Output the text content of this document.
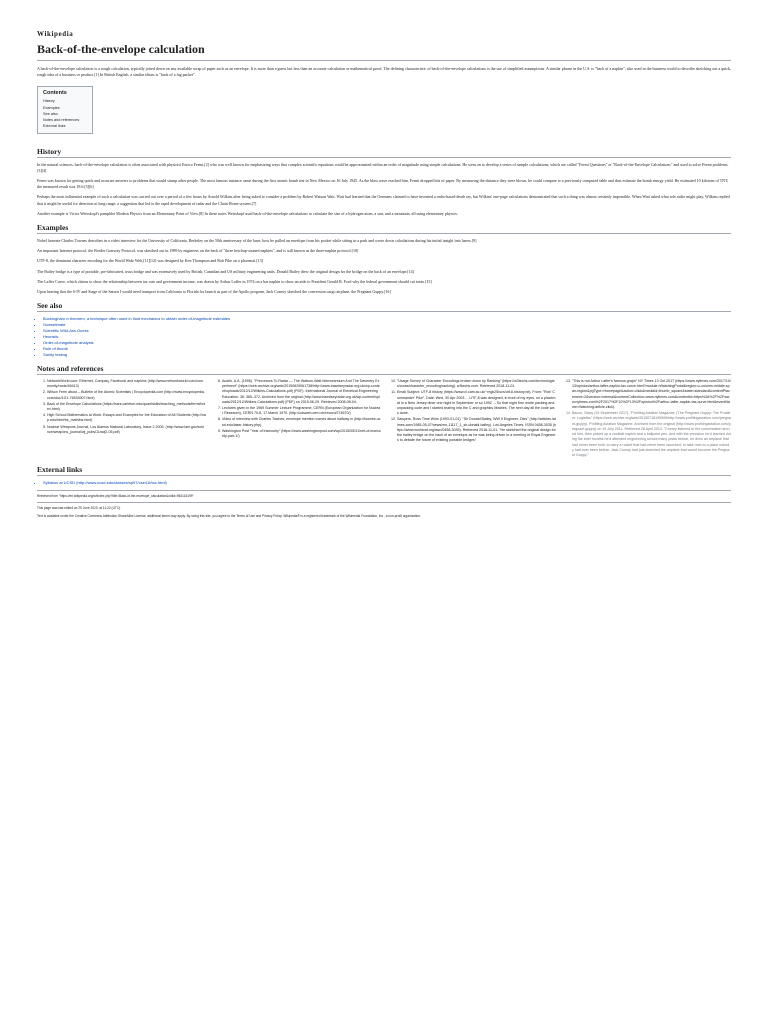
Wikipedia
Back-of-the-envelope calculation

A back-of-the-envelope calculation is a rough calculation, typically jotted down on any available scrap of paper such as an envelope. It is more than a guess but less than an accurate calculation or mathematical proof. The defining characteristic of back-of-the-envelope calculations is the use of simplified assumptions. A similar phrase in the U.S. is "back of a napkin", also used in the business world to describe sketching out a quick, rough idea of a business or product.[1] In British English, a similar idiom is "back of a fag packet".

Contents
History
Examples
See also
Notes and references
External links
History

In the natural sciences, back-of-the-envelope calculation is often associated with physicist Enrico Fermi,[2] who was well known for emphasizing ways that complex scientific equations could be approximated within an order of magnitude using simple calculations. He went on to develop a series of sample calculations, which are called "Fermi Questions" or "Back-of-the-Envelope Calculations" and used to solve Fermi problems.[3][4]

Fermi was known for getting quick and accurate answers to problems that would stump other people. The most famous instance came during the first atomic bomb test in New Mexico on 16 July 1945. As the blast wave reached him, Fermi dropped bits of paper. By measuring the distance they were blown, he could compare to a previously computed table and thus estimate the bomb energy yield. He estimated 10 kilotons of TNT; the measured result was 18.6.[5][6]

Perhaps the most influential example of such a calculation was carried out over a period of a few hours by Arnold Wilkins after being asked to consider a problem by Robert Watson Watt. Watt had learned that the Germans claimed to have invented a radio-based death ray, but Wilkins' one-page calculations demonstrated that such a thing was almost certainly impossible. When Watt asked what role radio might play, Wilkins replied that it might be useful for detection at long range, a suggestion that led to the rapid development of radar and the Chain Home system.[7]

Another example is Victor Weisskopf's pamphlet Modern Physics from an Elementary Point of View.[8] In these notes Weisskopf used back-of-the-envelope calculations to calculate the size of a hydrogen atom, a star, and a mountain, all using elementary physics.

Examples

Nobel laureate Charles Townes describes in a video interview for the University of California, Berkeley on the 50th anniversary of the laser, how he pulled an envelope from his pocket while sitting in a park and wrote down calculations during his initial insight into lasers.[9]

An important Internet protocol, the Border Gateway Protocol, was sketched out in 1989 by engineers on the back of "three ketchup-stained napkins", and is still known as the three-napkin protocol.[10]

UTF-8, the dominant character encoding for the World Wide Web,[11][12] was designed by Ken Thompson and Rob Pike on a placemat.[13]

The Bailey bridge is a type of portable, pre-fabricated, truss bridge and was extensively used by British, Canadian and US military engineering units. Donald Bailey drew the original design for the bridge on the back of an envelope.[14]

The Laffer Curve, which claims to show the relationship between tax cuts and government income, was drawn by Arthur Laffer in 1974 on a bar napkin to show an aide to President Gerald R. Ford why the federal government should cut taxes.[15]

Upon hearing that the S-IV and Stage of the Saturn I would need transport from California to Florida for launch as part of the Apollo program, Jack Conroy sketched the conversion cargo airplane, the Pregnant Guppy.[16]

See also
• Buckingham π theorem, a technique often used in fluid mechanics to obtain order-of-magnitude estimates
• Guesstimate
• Scientific Wild-Ass Guess
• Heuristic
• Order-of-magnitude analysis
• Rule of thumb
• Sanity testing
Notes and references
1. NetworkWorld.com: Ethernet, Compaq, Facebook and napkins (http://www.networkworld.com/community/node/46413)
2. Wilson Ferm about – Bulletin of the Atomic Scientists | Encyclopedia.com (http://www.encyclopedia.com/doc/1G1-76534007.html)
3. Back of the Envelope Calculations (https://ears.carleton.edu/quantskills/teaching_methods/fermi/index.html)
4. High School Mathematics at Work: Essays and Examples for the Education of All Students (http://nap.edu/html/hs_math/bs.html)
5. Nuclear Weapons Journal, Los Alamos National Laboratory, Issue 2 2005. (http://www.lanl.gov/science/weapons_journal/wj_pubs/11nwj2-05.pdf)
6. Austin, A.A. (1996). "Precursors To Radar — The Watson-Watt Memorandum And The Daventry Experiment" (https://web.archive.org/web/20150629061738/http://www.bawdseyradar.org.uk/wp-content/uploads/2012/12/Wilkins-Calculations.pdf) (PDF). International Journal of Electrical Engineering Education. 36: 365–372. Archived from the original (http://www.bawdseyradar.org.uk/wp-content/uploads/2012/12/Wilkins-Calculations.pdf) (PDF) on 2015-06-29. Retrieved 2008-08-04.
7. Lectures given in the 1969 Summer Lecture Programme, CERN (European Organization for Nuclear Research), CERN 70-8, 17 March 1970. (http://cdsweb.cern.ch/record/274670/)
8. Video of interview with Charles Townes; envelope mention comes about halfway in (http://townes.ucsd.edu/laser-history.php)
9. Washington Post "Year of Insecurity" (https://www.washingtonpost.com/wp/2015/05/31/net-of-insecurity-part-1/)
10. "Usage Survey of Character Encodings broken down by Ranking" (https://w3techs.com/technologies/cross/character_encoding/ranking). w3techs.com. Retrieved 2018-11-01.
11. Email Subject: UTF-8 history (https://www.cl.cam.ac.uk/~mgk25/ucs/utf-8-history.txt). From: "Rob 'Commander' Pike". Date: Wed, 30 Apr 2003 ... UTF-8 was designed, in front of my eyes, on a placemat in a New Jersey diner one night in September or so 1992 ... So that night Ken wrote packing and unpacking code and I started tearing into the C and graphics libraries. The next day all the code was done.
12. Sawyers, Ross Time Wins (1993-01-01). "Sir Donald Bailey, WW II Engineer, Dies" (http://articles.latimes.com/1985-05-07/news/mn-11117_1_sir-donald-bailey). Los Angeles Times. ISSN 0458-3035 (https://www.worldcat.org/issn/0458-3035). Retrieved 2018-11-01. "He sketched the original design for the bailey bridge on the back of an envelope as he was being driven to a meeting of Royal Engineers to debate the future of existing portable bridges"
13. "This is not Arthur Laffer's famous graph" NY Times 13 Oct 2017 (https://www.nytimes.com/2017/10/13/opinion/arthur-laffer-napkin-tax-curve.html?module=WatchingPortal&region=c-column-middle-span-region&pgType=Homepage&action=click&mediaId=thumb_square&state=standard&contentPlacement=2&version=internal&contentCollection=www.nytimes.com&contentId=https%3A%2F%2Fwww.nytimes.com%2F2017%2F10%2F13%2Fopinion%2Farthur-laffer-napkin-tax-curve.html&eventName=Watching-article-click).
14. Bacon, Stacy (15 September 2017). "Profiting Aviation Magazine | The Pregnant Guppy: The Problem: Logistics" (https://web.archive.org/web/20150718195906/http://www.profitingaviation.com/pregnant-guppy). Profiting Aviation Magazine. Archived from the original (http://www.profitingaviation.com/pregnant-guppy) on 15 July 2011. Retrieved 28 April 2013. "Conroy listened to the conversation around him, then picked up a cocktail napkin and a ballpoint pen. And with the precision he'd learned during the brief months he'd attended engineering school many years before, he drew an airplane that had never been built, to carry a rocket that had never been launched, to take man to a place nobody had ever been before. Jack Conroy had just sketched the airplane that would become the Pregnant Guppy."
External links
• Syllabus at UCSD (http://www.ucsd.edu/classes/sp97/cse41t/toc.html)

Retrieved from "https://en.wikipedia.org/w/index.php?title=Back-of-the-envelope_calculation&oldid=964115199"

This page was last edited on 25 June 2020, at 11:22 (UTC).

Text is available under the Creative Commons Attribution-ShareAlike License; additional terms may apply. By using this site, you agree to the Terms of Use and Privacy Policy. Wikipedia® is a registered trademark of the Wikimedia Foundation, Inc., a non-profit organization.
